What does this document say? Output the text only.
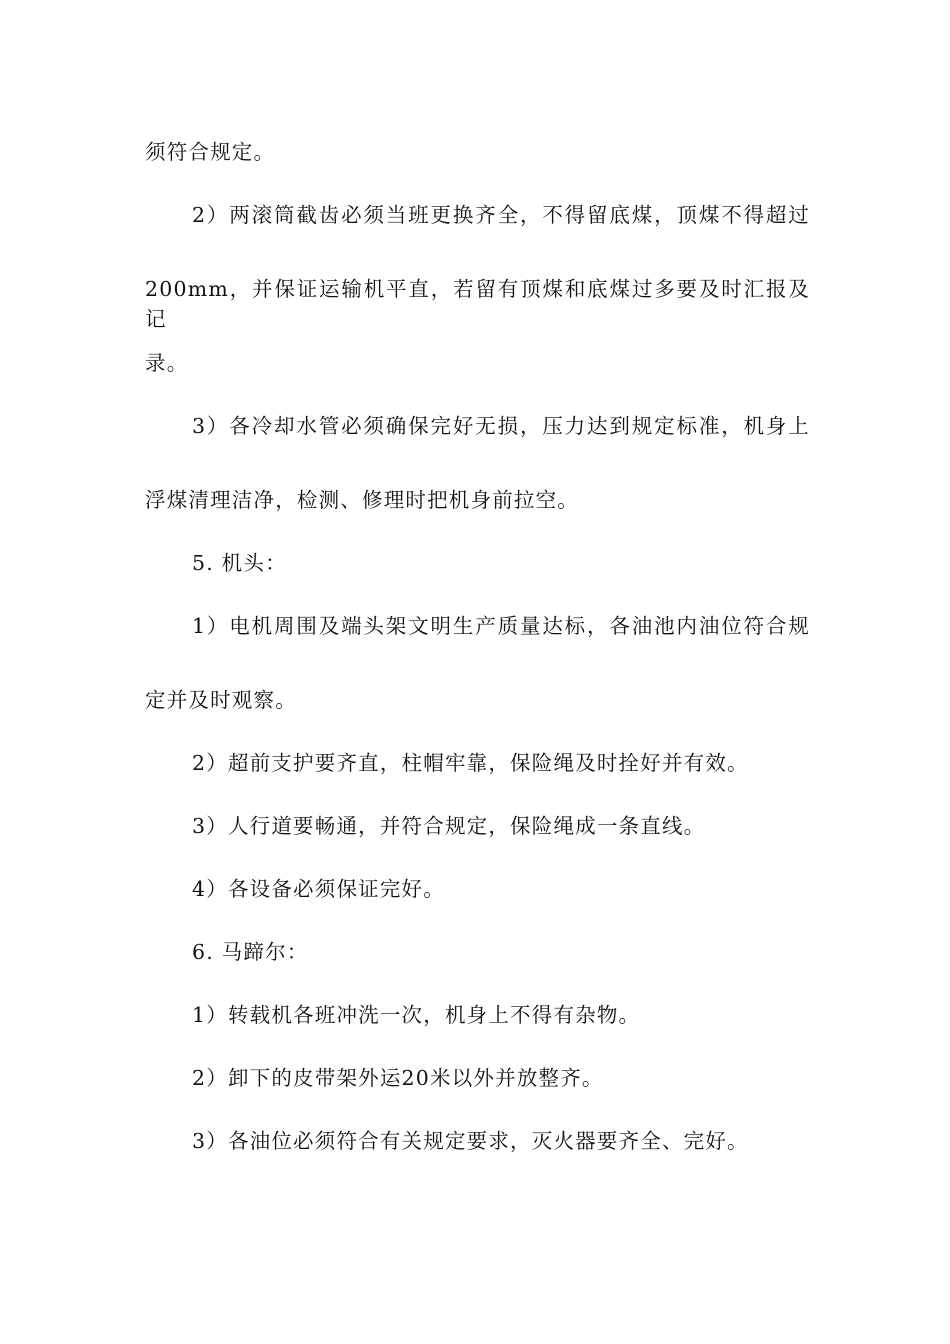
须符合规定。
2）两滚筒截齿必须当班更换齐全，不得留底煤，顶煤不得超过
200mm，并保证运输机平直，若留有顶煤和底煤过多要及时汇报及记
录。
3）各冷却水管必须确保完好无损，压力达到规定标准，机身上
浮煤清理洁净，检测、修理时把机身前拉空。
5. 机头：
1）电机周围及端头架文明生产质量达标，各油池内油位符合规
定并及时观察。
2）超前支护要齐直，柱帽牢靠，保险绳及时拴好并有效。
3）人行道要畅通，并符合规定，保险绳成一条直线。
4）各设备必须保证完好。
6. 马蹄尔：
1）转载机各班冲洗一次，机身上不得有杂物。
2）卸下的皮带架外运20米以外并放整齐。
3）各油位必须符合有关规定要求，灭火器要齐全、完好。
